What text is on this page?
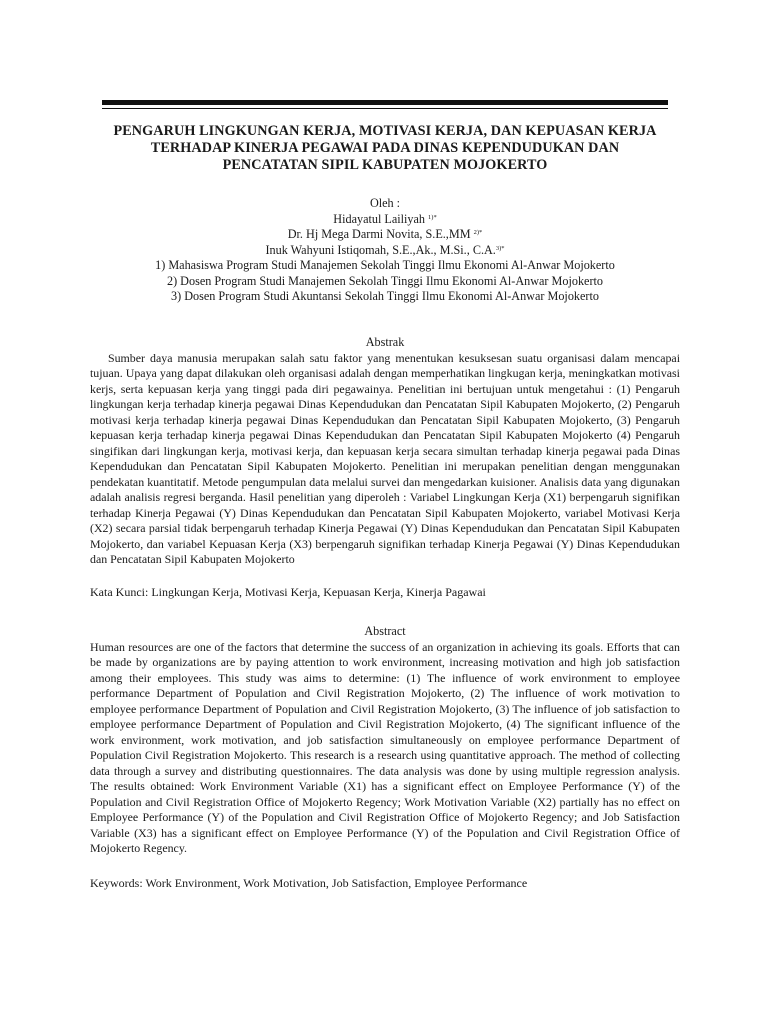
PENGARUH LINGKUNGAN KERJA, MOTIVASI KERJA, DAN KEPUASAN KERJA
TERHADAP KINERJA PEGAWAI PADA DINAS KEPENDUDUKAN DAN
PENCATATAN SIPIL KABUPATEN MOJOKERTO
Oleh :
Hidayatul Lailiyah $^{1)*}$
Dr. Hj Mega Darmi Novita, S.E.,MM $^{2)*}$
Inuk Wahyuni Istiqomah, S.E.,Ak., M.Si., C.A.$^{3)*}$
1) Mahasiswa Program Studi Manajemen Sekolah Tinggi Ilmu Ekonomi Al-Anwar Mojokerto
2) Dosen Program Studi Manajemen Sekolah Tinggi Ilmu Ekonomi Al-Anwar Mojokerto
3) Dosen Program Studi Akuntansi Sekolah Tinggi Ilmu Ekonomi Al-Anwar Mojokerto
Abstrak

Sumber daya manusia merupakan salah satu faktor yang menentukan kesuksesan suatu organisasi dalam mencapai tujuan. Upaya yang dapat dilakukan oleh organisasi adalah dengan memperhatikan lingkugan kerja, meningkatkan motivasi kerjs, serta kepuasan kerja yang tinggi pada diri pegawainya. Penelitian ini bertujuan untuk mengetahui : (1) Pengaruh lingkungan kerja terhadap kinerja pegawai Dinas Kependudukan dan Pencatatan Sipil Kabupaten Mojokerto, (2) Pengaruh motivasi kerja terhadap kinerja pegawai Dinas Kependudukan dan Pencatatan Sipil Kabupaten Mojokerto, (3) Pengaruh kepuasan kerja terhadap kinerja pegawai Dinas Kependudukan dan Pencatatan Sipil Kabupaten Mojokerto (4) Pengaruh singifikan dari lingkungan kerja, motivasi kerja, dan kepuasan kerja secara simultan terhadap kinerja pegawai pada Dinas Kependudukan dan Pencatatan Sipil Kabupaten Mojokerto. Penelitian ini merupakan penelitian dengan menggunakan pendekatan kuantitatif. Metode pengumpulan data melalui survei dan mengedarkan kuisioner. Analisis data yang digunakan adalah analisis regresi berganda. Hasil penelitian yang diperoleh : Variabel Lingkungan Kerja (X1) berpengaruh signifikan terhadap Kinerja Pegawai (Y) Dinas Kependudukan dan Pencatatan Sipil Kabupaten Mojokerto, variabel Motivasi Kerja (X2) secara parsial tidak berpengaruh terhadap Kinerja Pegawai (Y) Dinas Kependudukan dan Pencatatan Sipil Kabupaten Mojokerto, dan variabel Kepuasan Kerja (X3) berpengaruh signifikan terhadap Kinerja Pegawai (Y) Dinas Kependudukan dan Pencatatan Sipil Kabupaten Mojokerto

Kata Kunci: Lingkungan Kerja, Motivasi Kerja, Kepuasan Kerja, Kinerja Pagawai
Abstract

Human resources are one of the factors that determine the success of an organization in achieving its goals. Efforts that can be made by organizations are by paying attention to work environment, increasing motivation and high job satisfaction among their employees. This study was aims to determine: (1) The influence of work environment to employee performance Department of Population and Civil Registration Mojokerto, (2) The influence of work motivation to employee performance Department of Population and Civil Registration Mojokerto, (3) The influence of job satisfaction to employee performance Department of Population and Civil Registration Mojokerto, (4) The significant influence of the work environment, work motivation, and job satisfaction simultaneously on employee performance Department of Population Civil Registration Mojokerto. This research is a research using quantitative approach. The method of collecting data through a survey and distributing questionnaires. The data analysis was done by using multiple regression analysis. The results obtained: Work Environment Variable (X1) has a significant effect on Employee Performance (Y) of the Population and Civil Registration Office of Mojokerto Regency; Work Motivation Variable (X2) partially has no effect on Employee Performance (Y) of the Population and Civil Registration Office of Mojokerto Regency; and Job Satisfaction Variable (X3) has a significant effect on Employee Performance (Y) of the Population and Civil Registration Office of Mojokerto Regency.

Keywords: Work Environment, Work Motivation, Job Satisfaction, Employee Performance
